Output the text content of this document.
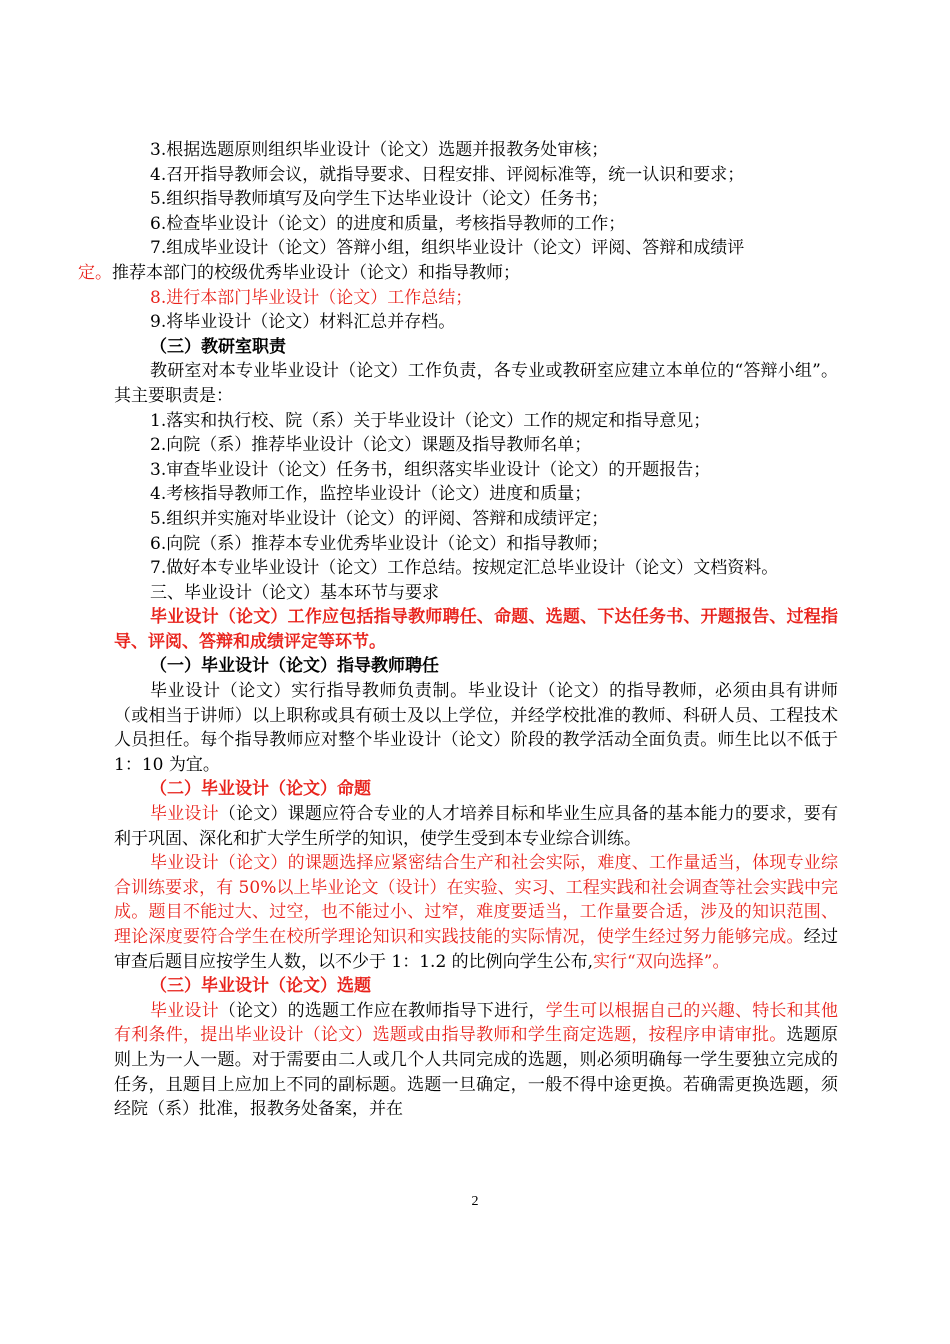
3.根据选题原则组织毕业设计（论文）选题并报教务处审核；

4.召开指导教师会议，就指导要求、日程安排、评阅标准等，统一认识和要求；

5.组织指导教师填写及向学生下达毕业设计（论文）任务书；

6.检查毕业设计（论文）的进度和质量，考核指导教师的工作；

7.组成毕业设计（论文）答辩小组，组织毕业设计（论文）评阅、答辩和成绩评
定。推荐本部门的校级优秀毕业设计（论文）和指导教师；

8.进行本部门毕业设计（论文）工作总结；

9.将毕业设计（论文）材料汇总并存档。

（三）教研室职责

教研室对本专业毕业设计（论文）工作负责，各专业或教研室应建立本单位的“答辩小组”。其主要职责是：

1.落实和执行校、院（系）关于毕业设计（论文）工作的规定和指导意见；

2.向院（系）推荐毕业设计（论文）课题及指导教师名单；

3.审查毕业设计（论文）任务书，组织落实毕业设计（论文）的开题报告；

4.考核指导教师工作，监控毕业设计（论文）进度和质量；

5.组织并实施对毕业设计（论文）的评阅、答辩和成绩评定；

6.向院（系）推荐本专业优秀毕业设计（论文）和指导教师；

7.做好本专业毕业设计（论文）工作总结。按规定汇总毕业设计（论文）文档资料。

三、毕业设计（论文）基本环节与要求

毕业设计（论文）工作应包括指导教师聘任、命题、选题、下达任务书、开题报告、过程指导、评阅、答辩和成绩评定等环节。

（一）毕业设计（论文）指导教师聘任

毕业设计（论文）实行指导教师负责制。毕业设计（论文）的指导教师，必须由具有讲师（或相当于讲师）以上职称或具有硕士及以上学位，并经学校批准的教师、科研人员、工程技术人员担任。每个指导教师应对整个毕业设计（论文）阶段的教学活动全面负责。师生比以不低于 1：10 为宜。

（二）毕业设计（论文）命题

毕业设计（论文）课题应符合专业的人才培养目标和毕业生应具备的基本能力的要求，要有利于巩固、深化和扩大学生所学的知识，使学生受到本专业综合训练。

毕业设计（论文）的课题选择应紧密结合生产和社会实际，难度、工作量适当，体现专业综合训练要求，有 50%以上毕业论文（设计）在实验、实习、工程实践和社会调查等社会实践中完成。题目不能过大、过空，也不能过小、过窄，难度要适当，工作量要合适，涉及的知识范围、理论深度要符合学生在校所学理论知识和实践技能的实际情况，使学生经过努力能够完成。经过审查后题目应按学生人数，以不少于 1：1.2 的比例向学生公布,实行“双向选择”。

（三）毕业设计（论文）选题

毕业设计（论文）的选题工作应在教师指导下进行，学生可以根据自己的兴趣、特长和其他有利条件，提出毕业设计（论文）选题或由指导教师和学生商定选题，按程序申请审批。选题原则上为一人一题。对于需要由二人或几个人共同完成的选题，则必须明确每一学生要独立完成的任务，且题目上应加上不同的副标题。选题一旦确定，一般不得中途更换。若确需更换选题，须经院（系）批准，报教务处备案，并在

2
